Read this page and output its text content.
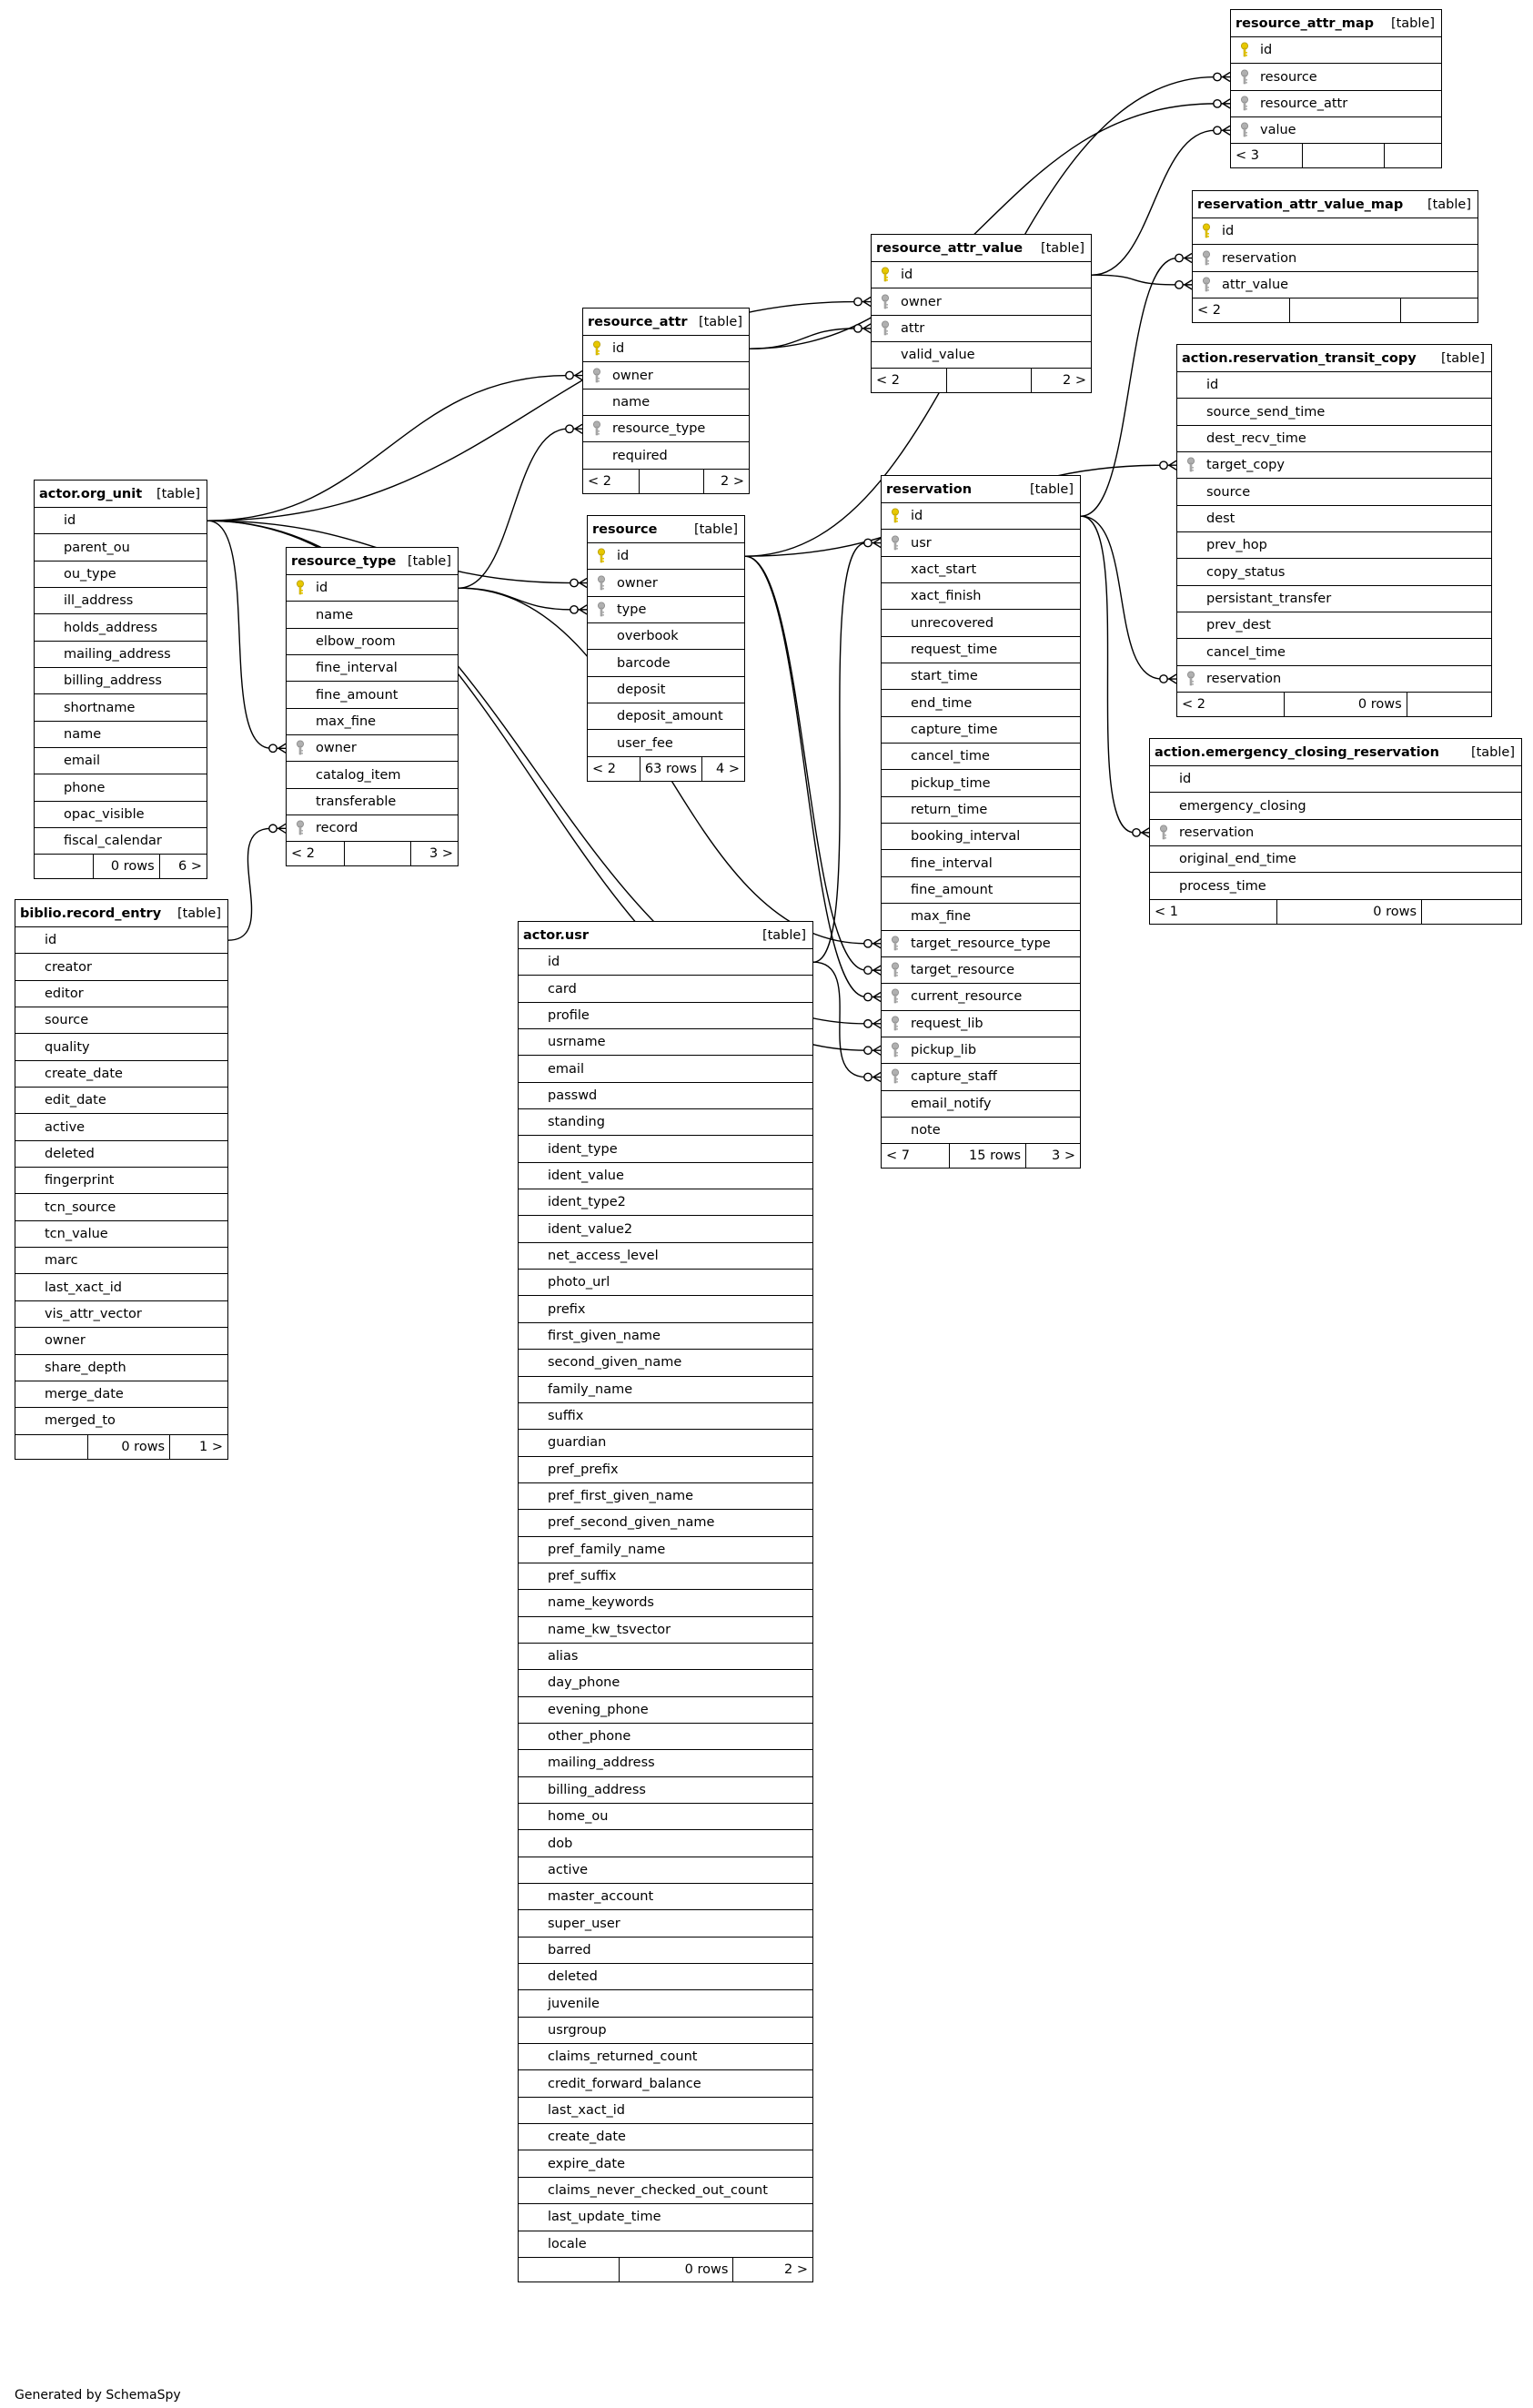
resource_attr_map [table]
id
resource
resource_attr
value
< 3
reservation_attr_value_map [table]
id
reservation
attr_value
< 2
resource_attr_value [table]
id
owner
attr
valid_value
< 2	2 >
resource_attr [table]
id
owner
name
resource_type
required
< 2	2 >
action.reservation_transit_copy [table]
id
source_send_time
dest_recv_time
target_copy
source
dest
prev_hop
copy_status
persistant_transfer
prev_dest
cancel_time
reservation
< 2	0 rows
reservation	[table]
id
usr
xact_start
xact_finish
unrecovered
request_time
start_time
end_time
capture_time
cancel_time
pickup_time
return_time
booking_interval
fine_interval
fine_amount
max_fine
target_resource_type
target_resource
current_resource
request_lib
pickup_lib
capture_staff
email_notify
note
< 7	15 rows	3 >
resource	[table]
id
owner
type
overbook
barcode
deposit
deposit_amount
user_fee
< 2	63 rows	4 >
actor.org_unit [table]
id
parent_ou
ou_type
ill_address
holds_address
mailing_address
billing_address
shortname
name
email
phone
opac_visible
fiscal_calendar
0 rows	6 >
resource_type [table]
id
name
elbow_room
fine_interval
fine_amount
max_fine
owner
catalog_item
transferable
record
< 2	3 >
action.emergency_closing_reservation [table]
id
emergency_closing
reservation
original_end_time
process_time
< 1	0 rows
biblio.record_entry [table]
id
creator
editor
source
quality
create_date
edit_date
active
deleted
fingerprint
tcn_source
tcn_value
marc
last_xact_id
vis_attr_vector
owner
share_depth
merge_date
merged_to
0 rows	1 >
actor.usr	[table]
id
card
profile
usrname
email
passwd
standing
ident_type
ident_value
ident_type2
ident_value2
net_access_level
photo_url
prefix
first_given_name
second_given_name
family_name
suffix
guardian
pref_prefix
pref_first_given_name
pref_second_given_name
pref_family_name
pref_suffix
name_keywords
name_kw_tsvector
alias
day_phone
evening_phone
other_phone
mailing_address
billing_address
home_ou
dob
active
master_account
super_user
barred
deleted
juvenile
usrgroup
claims_returned_count
credit_forward_balance
last_xact_id
create_date
expire_date
claims_never_checked_out_count
last_update_time
locale
0 rows	2 >
Generated by SchemaSpy
